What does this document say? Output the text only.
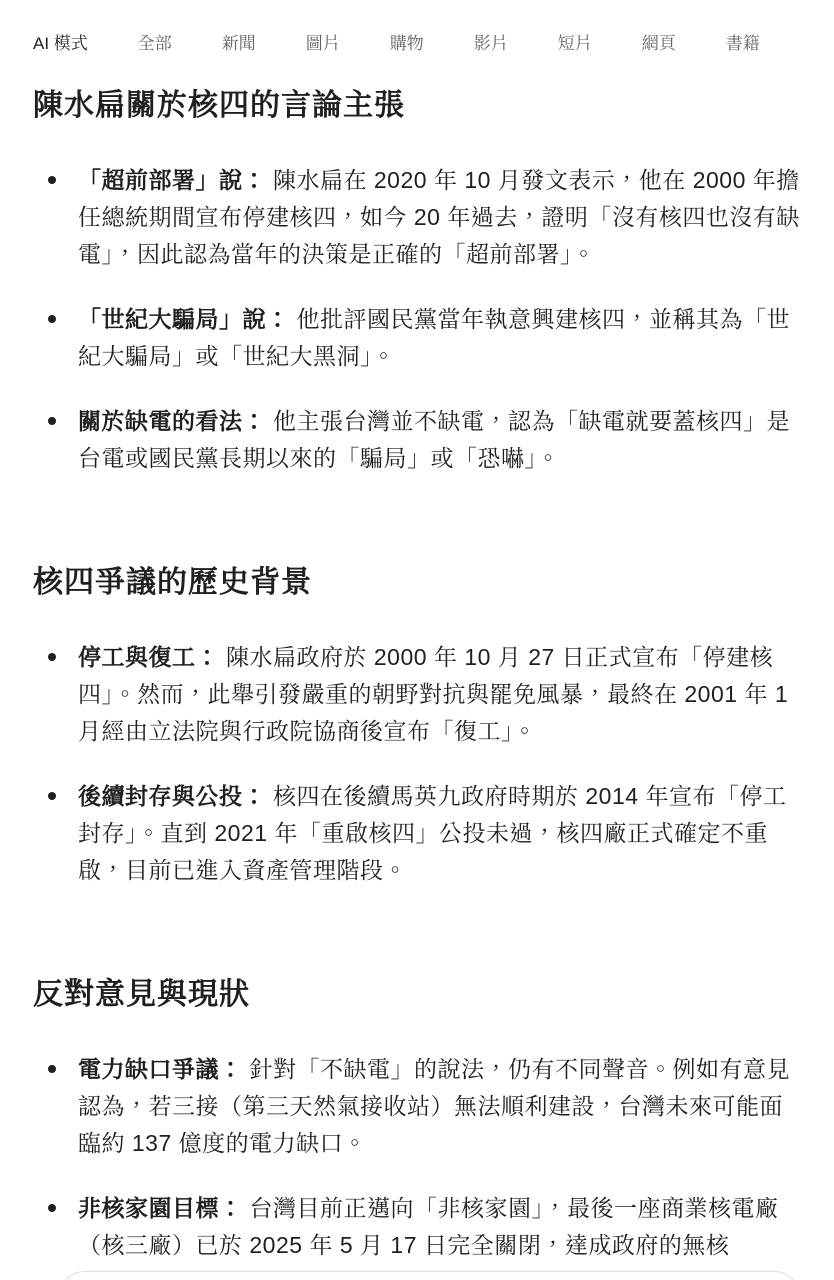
AI 模式	全部	新聞	圖片	購物	影片	短片	網頁	書籍
陳水扁關於核四的言論主張
「超前部署」說： 陳水扁在 2020 年 10 月發文表示，他在 2000 年擔任總統期間宣布停建核四，如今 20 年過去，證明「沒有核四也沒有缺電」，因此認為當年的決策是正確的「超前部署」。
「世紀大騙局」說： 他批評國民黨當年執意興建核四，並稱其為「世紀大騙局」或「世紀大黑洞」。
關於缺電的看法： 他主張台灣並不缺電，認為「缺電就要蓋核四」是台電或國民黨長期以來的「騙局」或「恐嚇」。
核四爭議的歷史背景
停工與復工： 陳水扁政府於 2000 年 10 月 27 日正式宣布「停建核四」。然而，此舉引發嚴重的朝野對抗與罷免風暴，最終在 2001 年 1 月經由立法院與行政院協商後宣布「復工」。
後續封存與公投： 核四在後續馬英九政府時期於 2014 年宣布「停工封存」。直到 2021 年「重啟核四」公投未過，核四廠正式確定不重啟，目前已進入資產管理階段。
反對意見與現狀
電力缺口爭議： 針對「不缺電」的說法，仍有不同聲音。例如有意見認為，若三接（第三天然氣接收站）無法順利建設，台灣未來可能面臨約 137 億度的電力缺口。
非核家園目標： 台灣目前正邁向「非核家園」，最後一座商業核電廠（核三廠）已於 2025 年 5 月 17 日完全關閉，達成政府的無核
